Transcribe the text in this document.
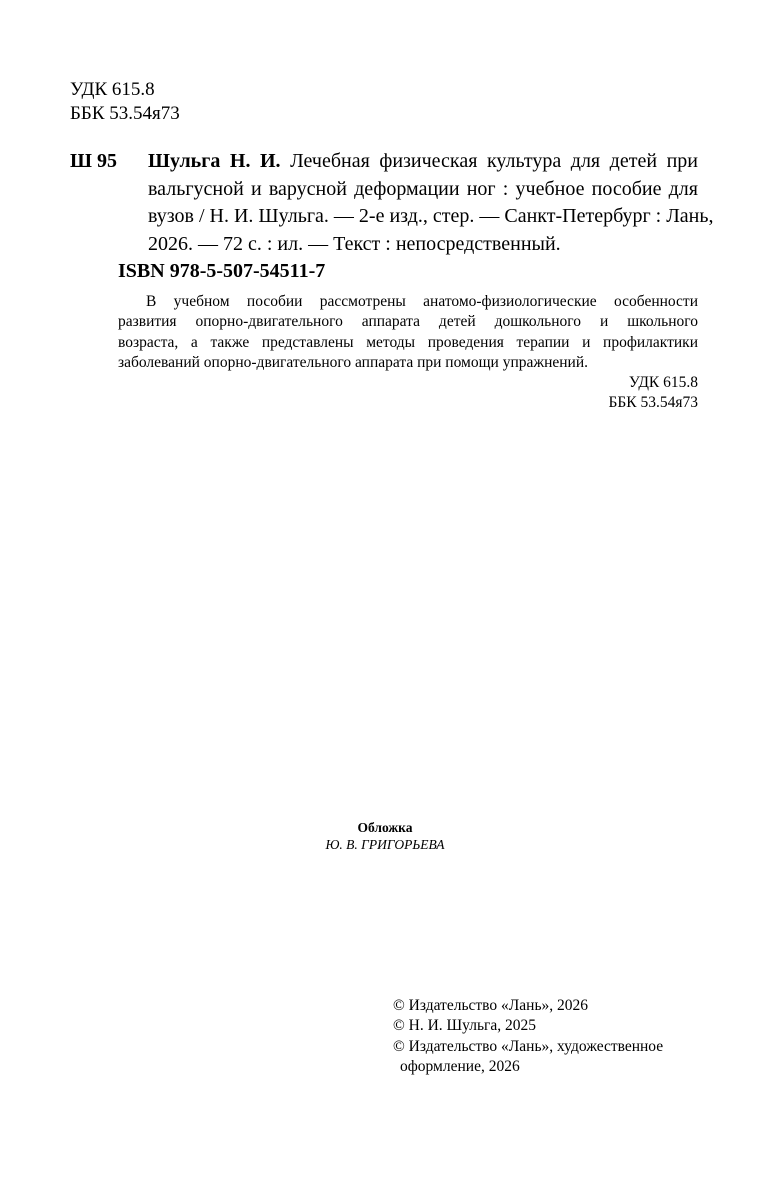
УДК 615.8
ББК 53.54я73
Ш 95 Шульга Н. И. Лечебная физическая культура для детей при
вальгусной и варусной деформации ног : учебное пособие для
вузов / Н. И. Шульга. — 2-е изд., стер. — Санкт-Петербург : Лань,
2026. — 72 с. : ил. — Текст : непосредственный.
ISBN 978-5-507-54511-7
В учебном пособии рассмотрены анатомо-физиологические особенности
развития опорно-двигательного аппарата детей дошкольного и школьного
возраста, а также представлены методы проведения терапии и профилактики
заболеваний опорно-двигательного аппарата при помощи упражнений.
УДК 615.8
ББК 53.54я73
Обложка
Ю. В. ГРИГОРЬЕВА
© Издательство «Лань», 2026
© Н. И. Шульга, 2025
© Издательство «Лань», художественное
оформление, 2026
